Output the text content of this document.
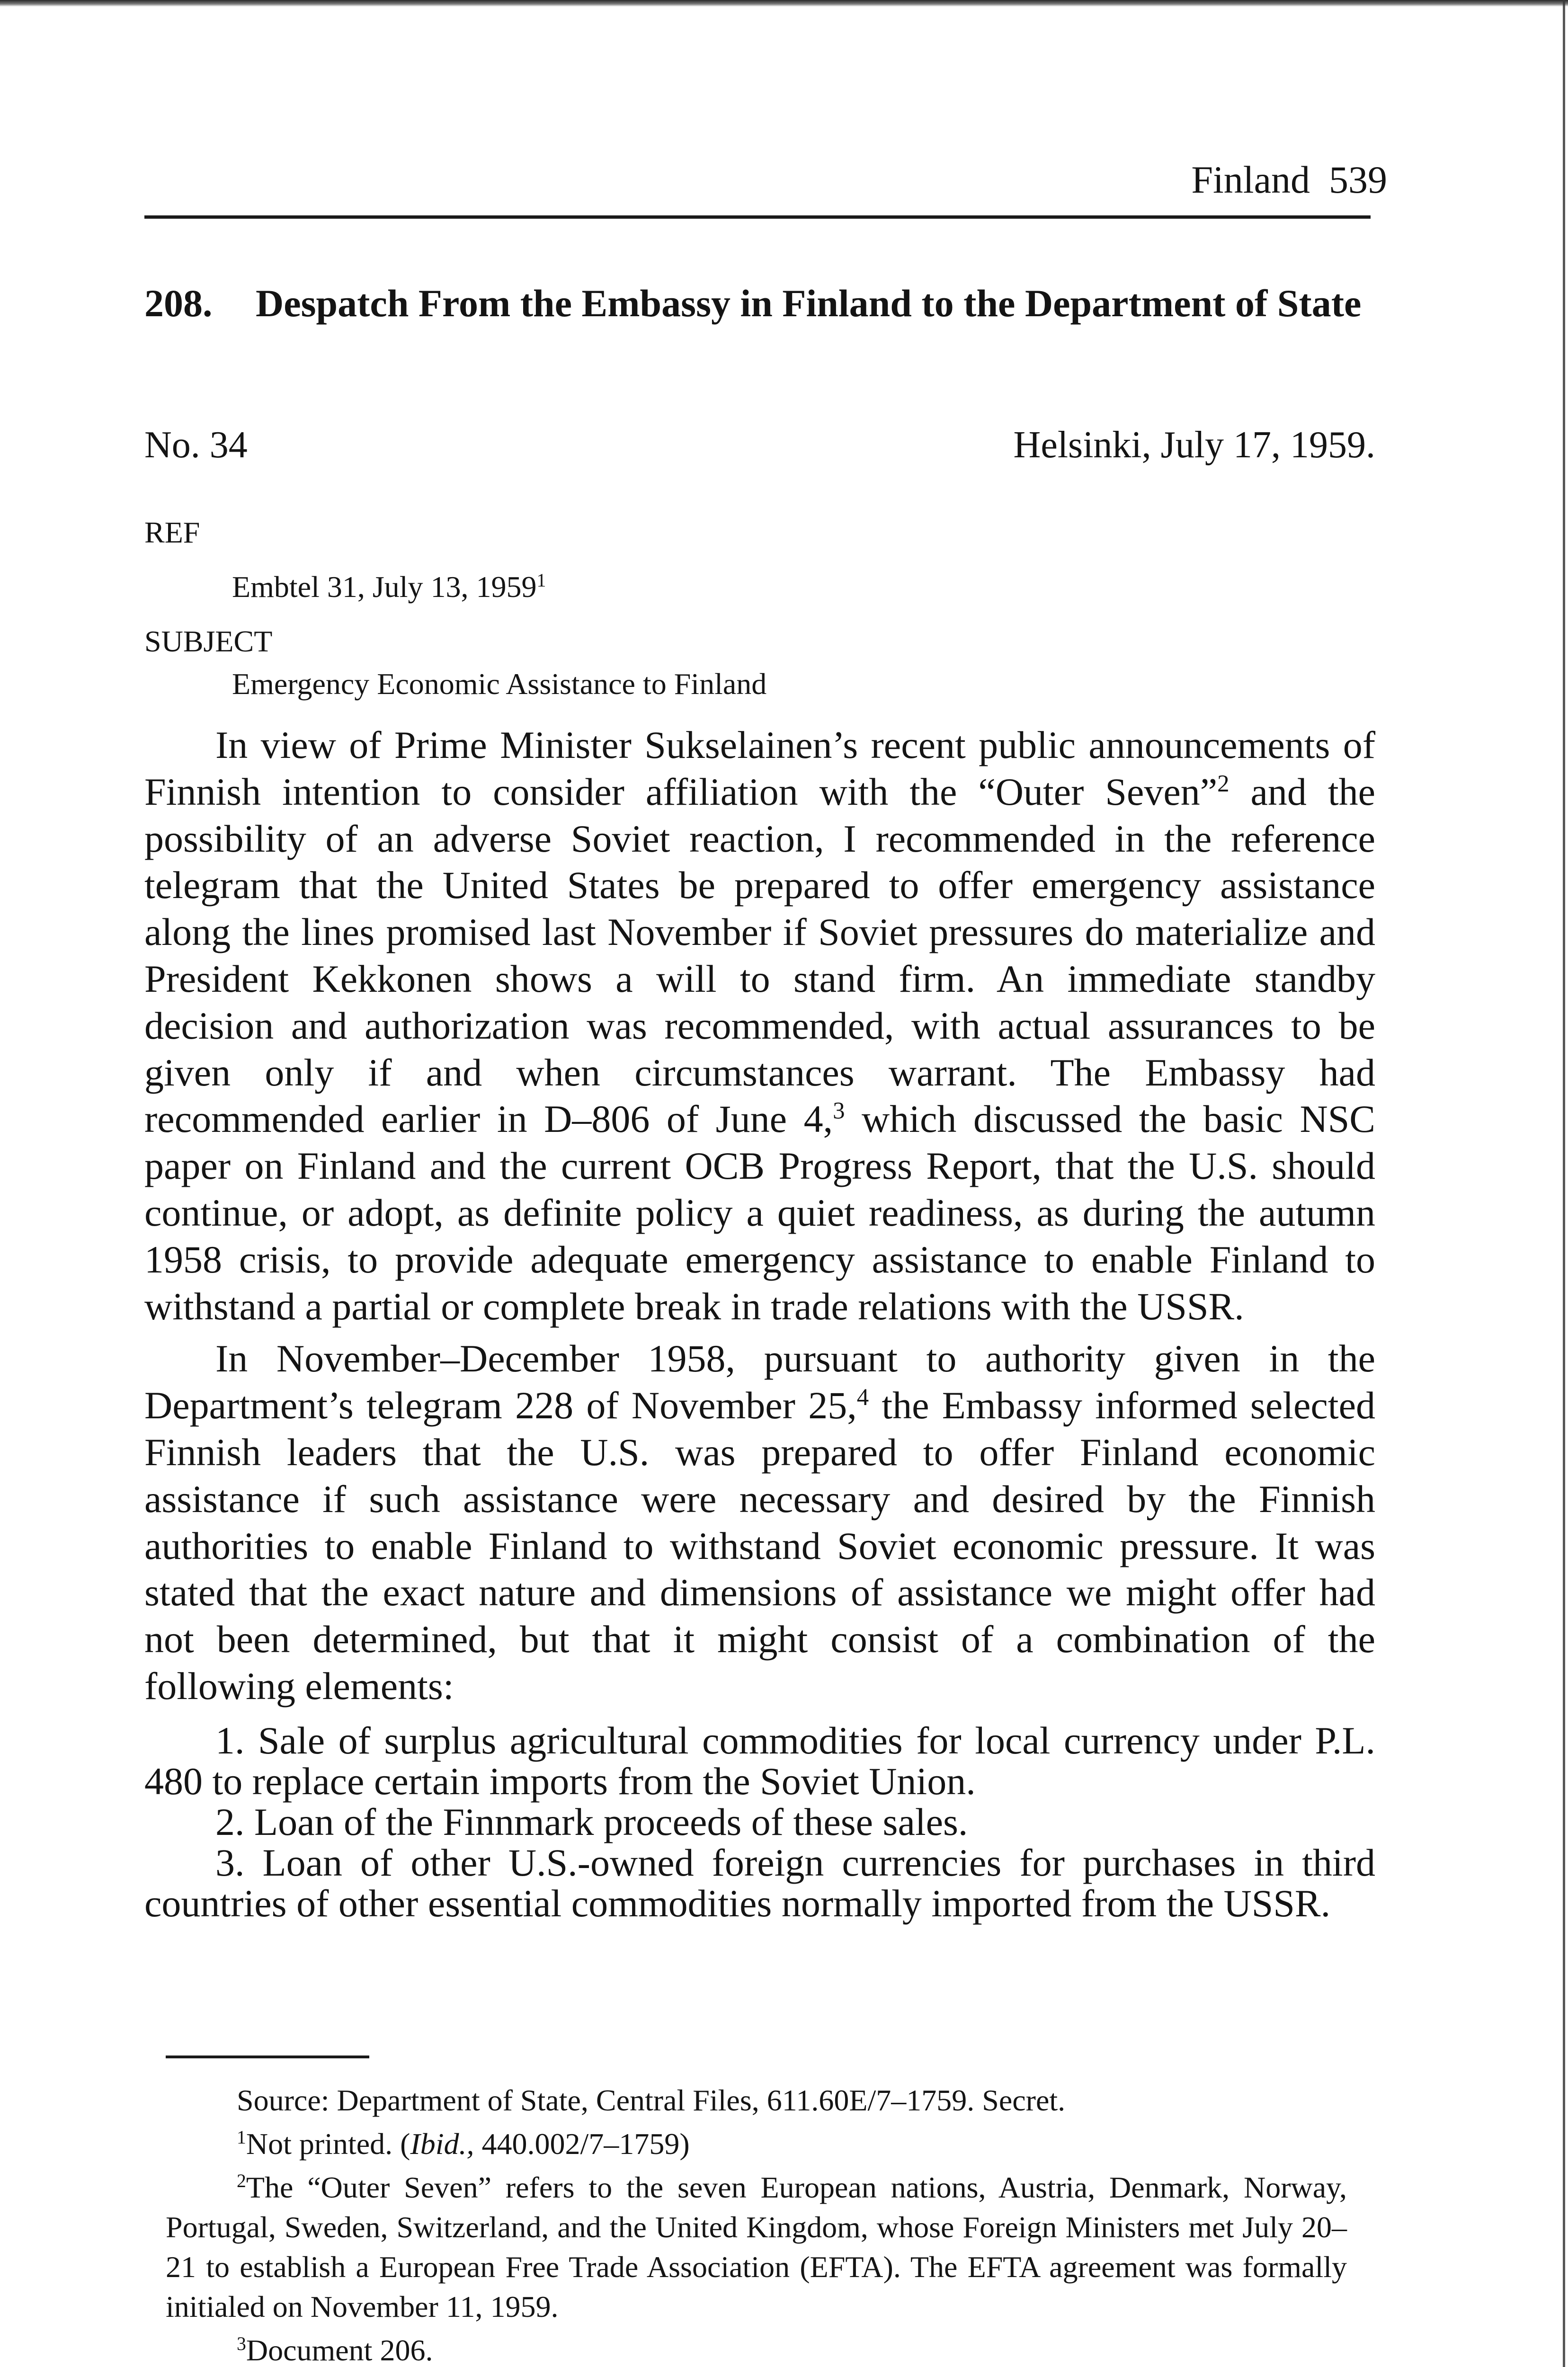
Finland 539
208. Despatch From the Embassy in Finland to the Department of State
No. 34	Helsinki, July 17, 1959.
REF
Embtel 31, July 13, 1959$^1$
SUBJECT
Emergency Economic Assistance to Finland

In view of Prime Minister Sukselainen’s recent public announcements of Finnish intention to consider affiliation with the “Outer Seven”$^2$ and the possibility of an adverse Soviet reaction, I recommended in the reference telegram that the United States be prepared to offer emergency assistance along the lines promised last November if Soviet pressures do materialize and President Kekkonen shows a will to stand firm. An immediate standby decision and authorization was recommended, with actual assurances to be given only if and when circumstances warrant. The Embassy had recommended earlier in D–806 of June 4,$^3$ which discussed the basic NSC paper on Finland and the current OCB Progress Report, that the U.S. should continue, or adopt, as definite policy a quiet readiness, as during the autumn 1958 crisis, to provide adequate emergency assistance to enable Finland to withstand a partial or complete break in trade relations with the USSR.

In November–December 1958, pursuant to authority given in the Department’s telegram 228 of November 25,$^4$ the Embassy informed selected Finnish leaders that the U.S. was prepared to offer Finland economic assistance if such assistance were necessary and desired by the Finnish authorities to enable Finland to withstand Soviet economic pressure. It was stated that the exact nature and dimensions of assistance we might offer had not been determined, but that it might consist of a combination of the following elements:

1. Sale of surplus agricultural commodities for local currency under P.L. 480 to replace certain imports from the Soviet Union.
2. Loan of the Finnmark proceeds of these sales.
3. Loan of other U.S.-owned foreign currencies for purchases in third countries of other essential commodities normally imported from the USSR.

Source: Department of State, Central Files, 611.60E/7–1759. Secret.

$^1$Not printed. (Ibid., 440.002/7–1759)

$^2$The “Outer Seven” refers to the seven European nations, Austria, Denmark, Norway, Portugal, Sweden, Switzerland, and the United Kingdom, whose Foreign Ministers met July 20–21 to establish a European Free Trade Association (EFTA). The EFTA agreement was formally initialed on November 11, 1959.

$^3$Document 206.
